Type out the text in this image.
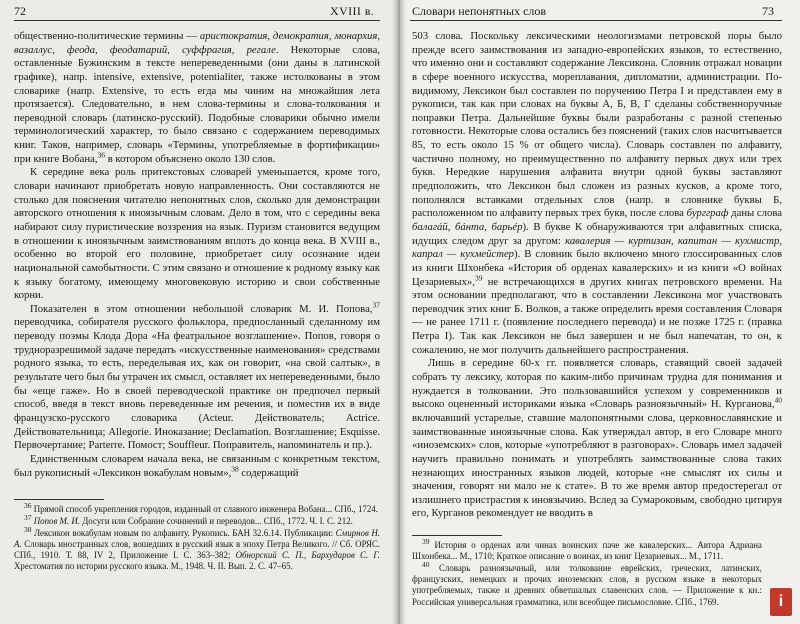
72	XVIII в.

общественно-политические термины — аристократия, демократия, монархия, вазаллус, феода, феодатарий, суффрагия, регале. Некоторые слова, оставленные Бужинским в тексте непереведенными (они даны в латинской графике), напр. intensive, extensive, potentialiter, также истолкованы в этом словарике (напр. Extensive, то есть егда мы чиним на множайшия лета протязается). Следовательно, в нем слова-термины и слова-толкования и переводной словарь (латинско-русский). Подобные словарики обычно имели терминологический характер, то было связано с содержанием переводимых книг. Таков, например, словарь «Термины, употребляемые в фортификации» при книге Вобана,$^{36}$ в котором объяснено около 130 слов.

К середине века роль притекстовых словарей уменьшается, кроме того, словари начинают приобретать новую направленность. Они составляются не столько для пояснения читателю непонятных слов, сколько для демонстрации авторского отношения к иноязычным словам. Дело в том, что с середины века набирают силу пуристические воззрения на язык. Пуризм становится ведущим в отношении к иноязычным заимствованиям вплоть до конца века. В XVIII в., особенно во второй его половине, приобретает силу осознание идеи национальной самобытности. С этим связано и отношение к родному языку как к языку богатому, имеющему многовековую историю и свои собственные корни.

Показателен в этом отношении небольшой словарик М. И. Попова,$^{37}$ переводчика, собирателя русского фольклора, предпосланный сделанному им переводу поэмы Клода Дора «На феатральное возглашение». Попов, говоря о трудноразрешимой задаче передать «искусственные наименования» средствами родного языка, то есть, переделывая их, как он говорит, «на свой салтык», в результате чего был бы утрачен их смысл, оставляет их непереведенными, было бы «еще гаже». Но в своей переводческой практике он предпочел первый способ, введя в текст вновь переведенные им речения, и поместив их в виде французско-русского словарика (Acteur. Действователь; Actrice. Действовательница; Allegorie. Иноказание; Declamation. Возглашение; Esquisse. Первочертание; Parterre. Помост; Souffleur. Поправитель, напоминатель и пр.).

Единственным словарем начала века, не связанным с конкретным текстом, был рукописный «Лексикон вокабулам новым»,$^{38}$ содержащий

$^{36}$ Прямой способ укрепления городов, изданный от славного инженера Вобана... СПб., 1724.

$^{37}$ Попов М. И. Досуги или Собрание сочинений и переводов... СПб., 1772. Ч. I. С. 212.

$^{38}$ Лексикон вокабулам новым по алфавиту. Рукопись. БАН 32.6.14. Публикации: Смирнов Н. А. Словарь иностранных слов, вошедших в русский язык в эпоху Петра Великого. // Сб. ОРЯС. СПб., 1910. Т. 88, IV 2, Приложение I. С. 363–382; Обнорский С. П., Бархударов С. Г. Хрестоматия по истории русского языка. М., 1948. Ч. II. Вып. 2. С. 47–65.

Словари непонятных слов	73

503 слова. Поскольку лексическими неологизмами петровской поры было прежде всего заимствования из западно-европейских языков, то естественно, что именно они и составляют содержание Лексикона. Словник отражал новации в сфере военного искусства, мореплавания, дипломатии, администрации. По-видимому, Лексикон был составлен по поручению Петра I и представлен ему в рукописи, так как при словах на буквы А, Б, В, Г сделаны собственноручные поправки Петра. Дальнейшие буквы были разработаны с разной степенью готовности. Некоторые слова остались без пояснений (таких слов насчитывается 85, то есть около 15 % от общего числа). Словарь составлен по алфавиту, частично полному, но преимущественно по алфавиту первых двух или трех букв. Нередкие нарушения алфавита внутри одной буквы заставляют предположить, что Лексикон был сложен из разных кусков, а кроме того, пополнялся вставками отдельных слов (напр. в словнике буквы Б, расположенном по алфавиту первых трех букв, после слова бургграф даны слова балагáй, бáнта, барьéр). В букве К обнаруживаются три алфавитных списка, идущих следом друг за другом: кавалерия — куртизан, капитан — кухмистр, капрал — кухмейстер). В словник было включено много глоссированных слов из книги Шхонбека «История об орденах кавалерских» и из книги «О войнах Цезариевых»,$^{39}$ не встречающихся в других книгах петровского времени. На этом основании предполагают, что в составлении Лексикона мог участвовать переводчик этих книг Б. Волков, а также определить время составления Словаря — не ранее 1711 г. (появление последнего перевода) и не позже 1725 г. (правка Петра I). Так как Лексикон не был завершен и не был напечатан, то он, к сожалению, не мог получить дальнейшего распространения.

Лишь в середине 60-х гг. появляется словарь, ставящий своей задачей собрать ту лексику, которая по каким-либо причинам трудна для понимания и нуждается в толковании. Это пользовавшийся успехом у современников и высоко оцененный историками языка «Словарь разноязычный» Н. Курганова,$^{40}$ включавший устарелые, ставшие малопонятными слова, церковнославянские и заимствованные иноязычные слова. Как утверждал автор, в его Словаре много «иноземских» слов, которые «употребляют в разговорах». Словарь имел задачей научить правильно понимать и употреблять заимствованные слова таких незнающих иностранных языков людей, которые «не смыслят их силы и значения, говорят ни мало не к стате». В то же время автор предостерегал от излишнего пристрастия к иноязычию. Вслед за Сумароковым, свободно цитируя его, Курганов рекомендует не вводить в

$^{39}$ История о орденах или чинах воинских паче же кавалерских... Автора Адриана Шхонбека... М., 1710; Краткое описание о воинах, из книг Цезариевых... М., 1711.

$^{40}$ Словарь разноязычный, или толкование еврейских, греческих, латинских, французских, немецких и прочих иноземских слов, в русском языке в некоторых употребляемых, также и древних обветшалых славенских слов. — Приложение к кн.: Российская универсальная грамматика, или всеобщее письмословие. СПб., 1769.	i
